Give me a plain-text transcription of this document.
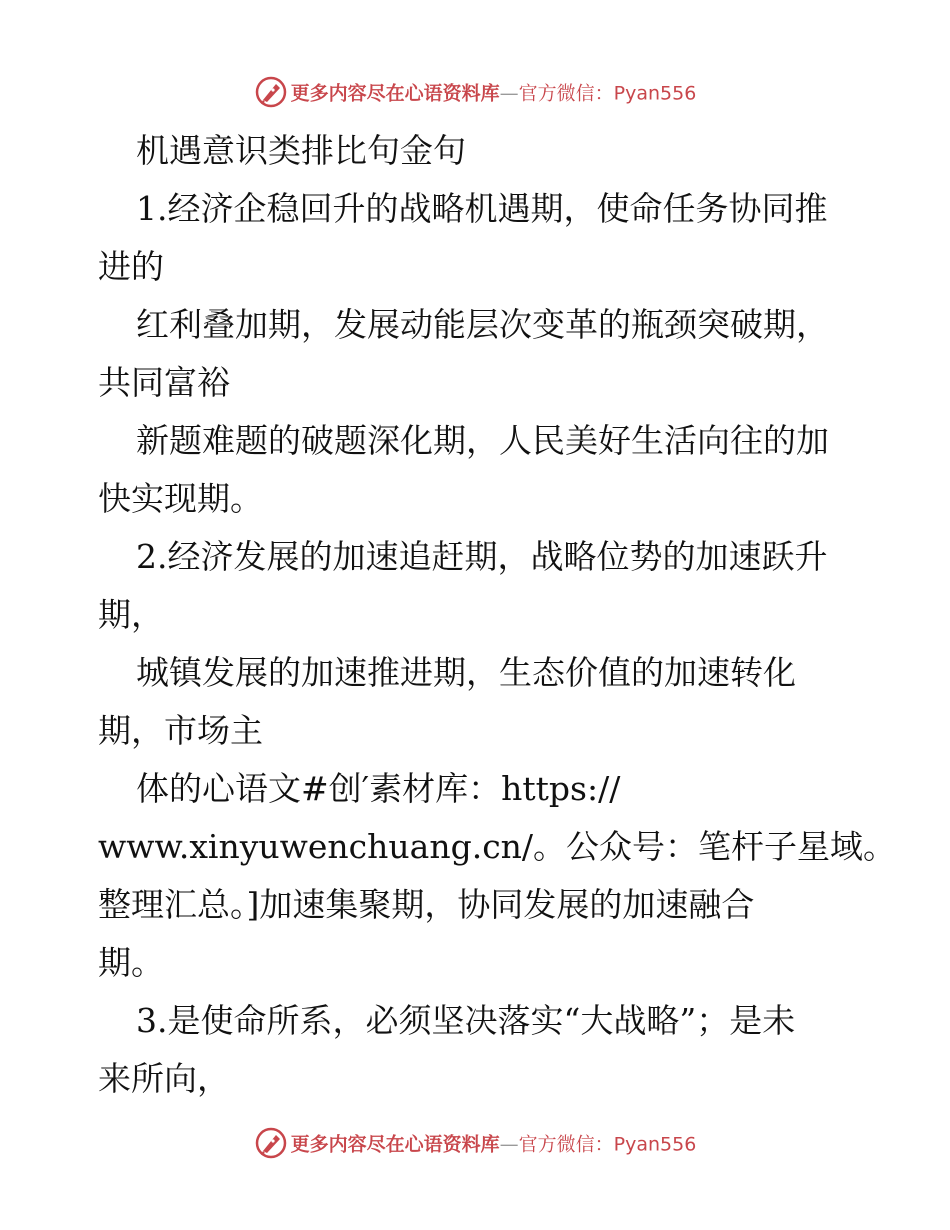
更多内容尽在心语资料库—官方微信：Pyan556

机遇意识类排比句金句

1.经济企稳回升的战略机遇期，使命任务协同推

进的

红利叠加期，发展动能层次变革的瓶颈突破期，

共同富裕

新题难题的破题深化期，人民美好生活向往的加

快实现期。

2.经济发展的加速追赶期，战略位势的加速跃升

期，

城镇发展的加速推进期，生态价值的加速转化

期，市场主

体的心语文#创′素材库：https://

www.xinyuwenchuang.cn/。公众号：笔杆子星域。

整理汇总。]加速集聚期，协同发展的加速融合

期。

3.是使命所系，必须坚决落实“大战略”；是未

来所向，

更多内容尽在心语资料库—官方微信：Pyan556
